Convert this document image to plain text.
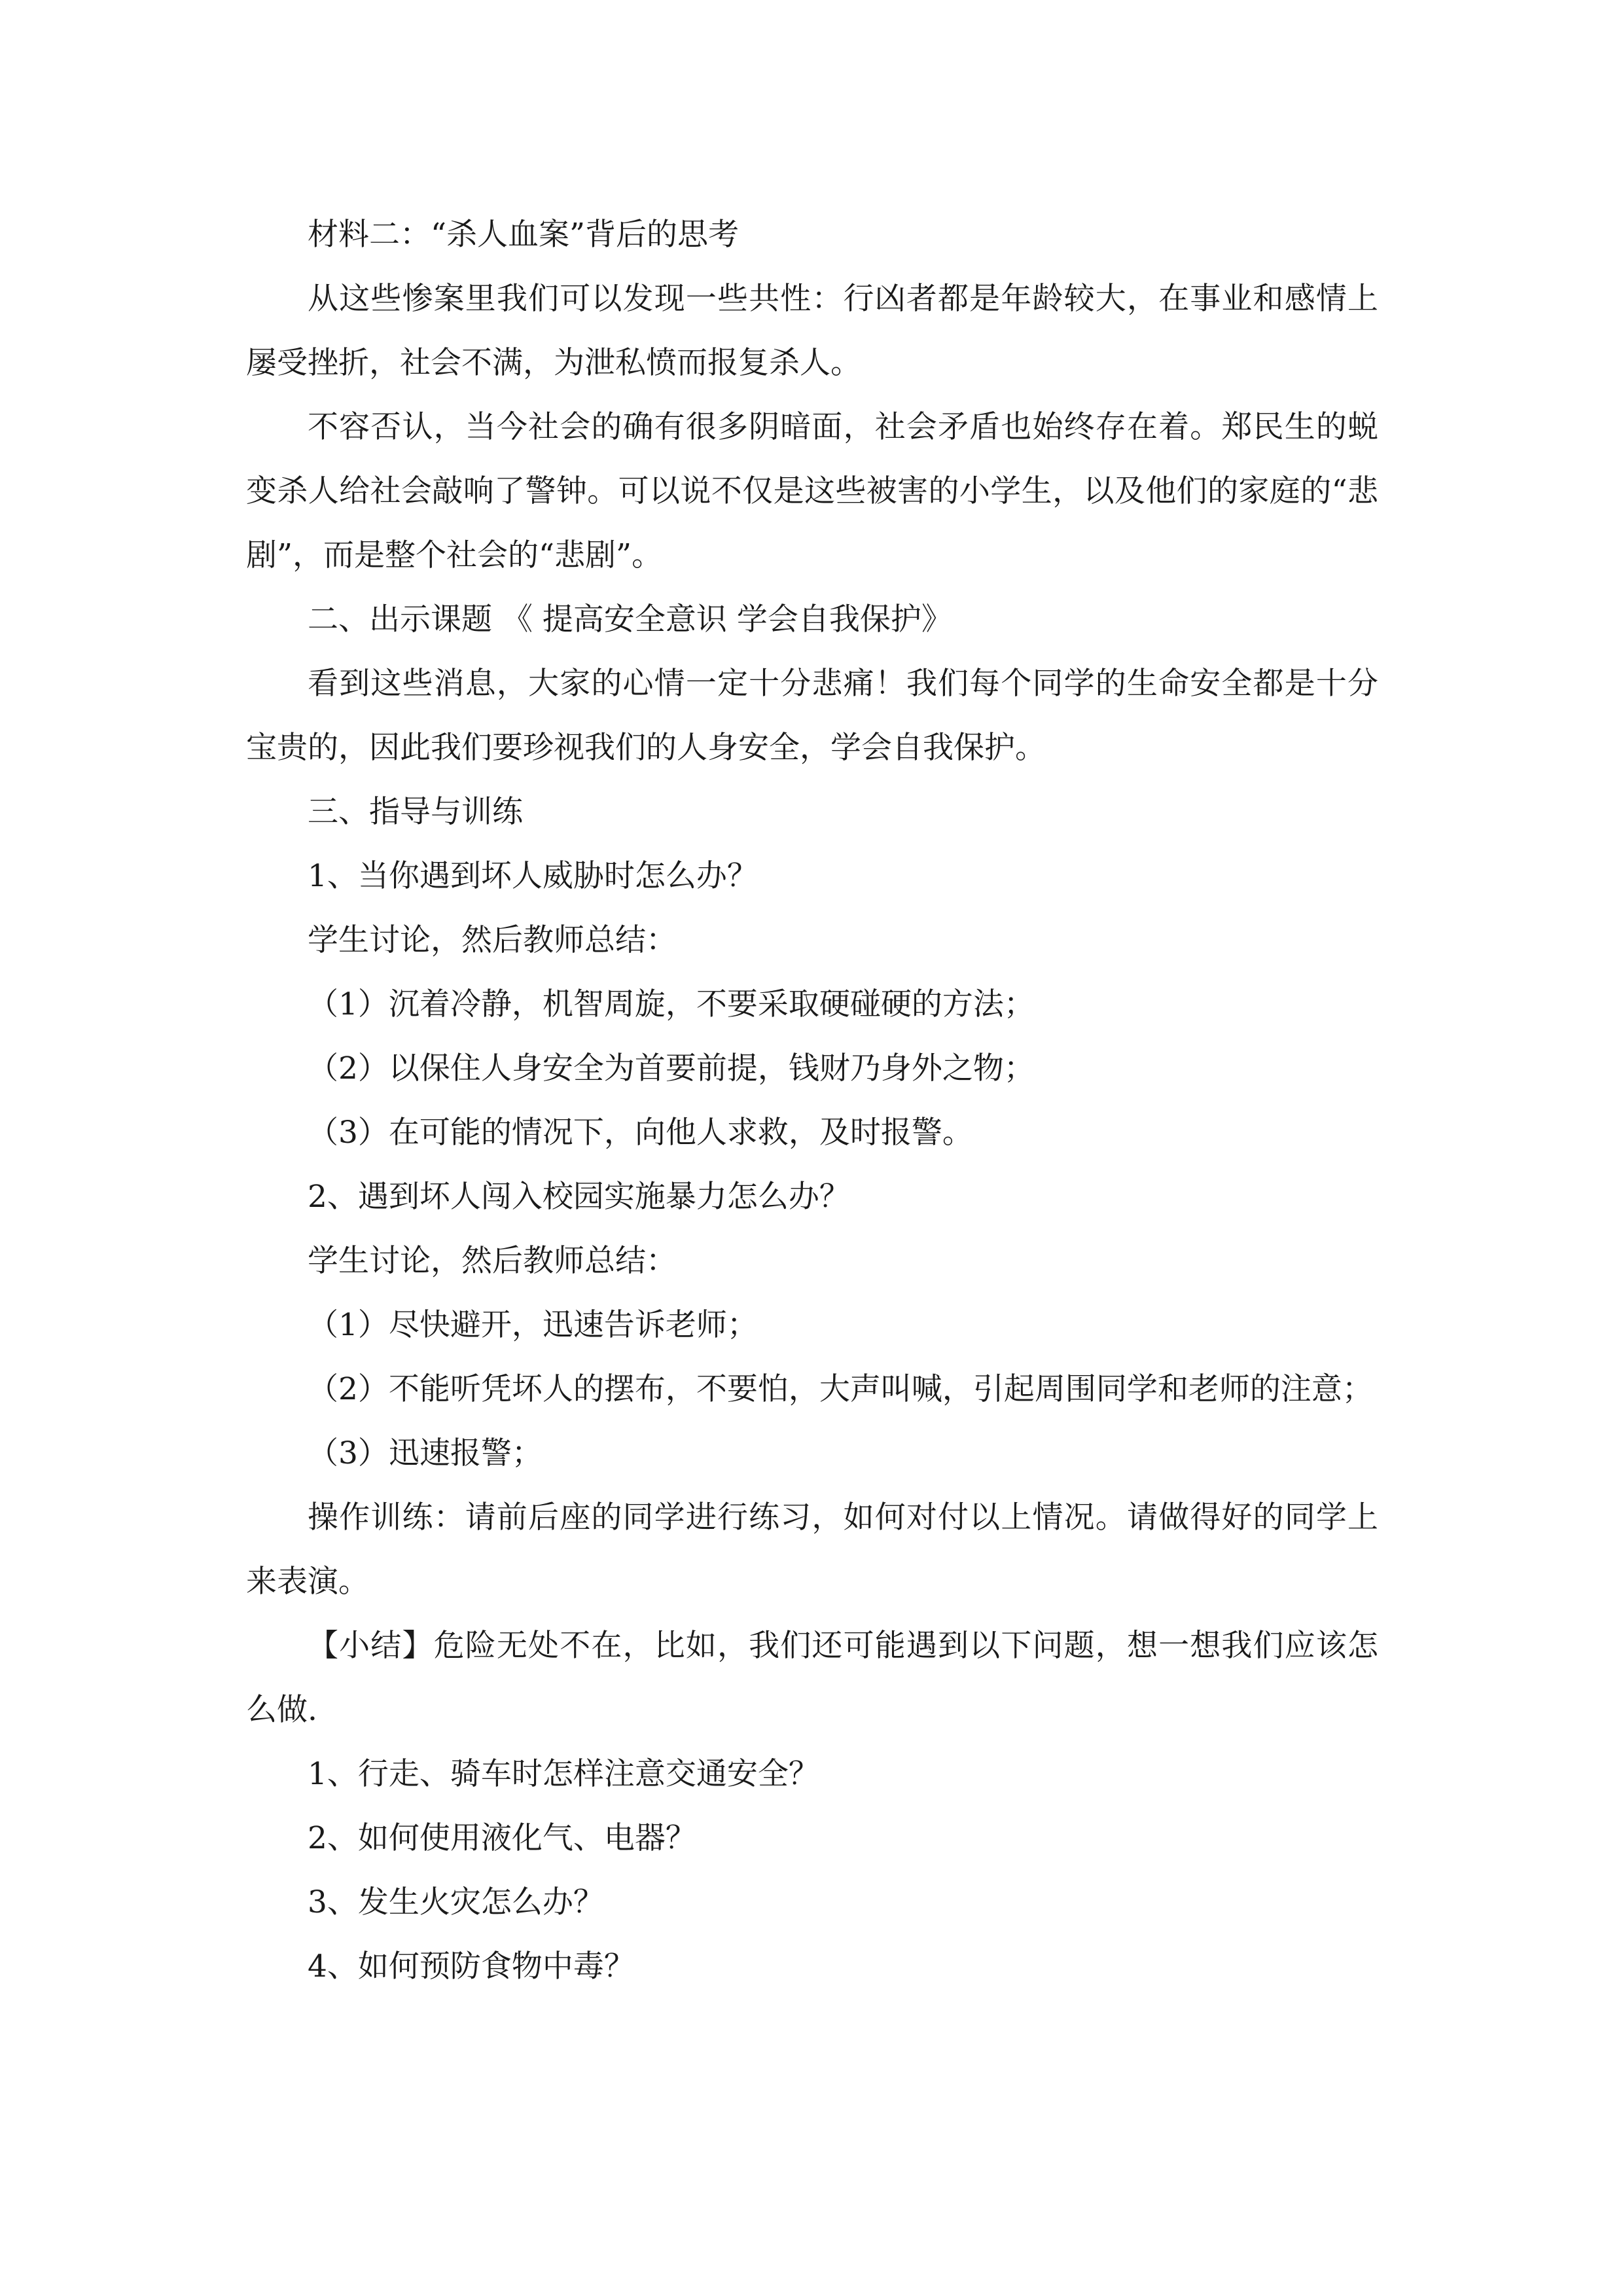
材料二：“杀人血案”背后的思考

从这些惨案里我们可以发现一些共性：行凶者都是年龄较大，在事业和感情上屡受挫折，社会不满，为泄私愤而报复杀人。

不容否认，当今社会的确有很多阴暗面，社会矛盾也始终存在着。郑民生的蜕变杀人给社会敲响了警钟。可以说不仅是这些被害的小学生，以及他们的家庭的“悲剧”，而是整个社会的“悲剧”。

二、出示课题 《 提高安全意识 学会自我保护》

看到这些消息，大家的心情一定十分悲痛！我们每个同学的生命安全都是十分宝贵的，因此我们要珍视我们的人身安全，学会自我保护。

三、指导与训练

1、当你遇到坏人威胁时怎么办？

学生讨论，然后教师总结：

（1）沉着冷静，机智周旋，不要采取硬碰硬的方法；

（2）以保住人身安全为首要前提，钱财乃身外之物；

（3）在可能的情况下，向他人求救，及时报警。

2、遇到坏人闯入校园实施暴力怎么办？

学生讨论，然后教师总结：

（1）尽快避开，迅速告诉老师；

（2）不能听凭坏人的摆布，不要怕，大声叫喊，引起周围同学和老师的注意；

（3）迅速报警；

操作训练：请前后座的同学进行练习，如何对付以上情况。请做得好的同学上来表演。

【小结】危险无处不在，比如，我们还可能遇到以下问题，想一想我们应该怎么做.

1、行走、骑车时怎样注意交通安全？

2、如何使用液化气、电器？

3、发生火灾怎么办？

4、如何预防食物中毒？
